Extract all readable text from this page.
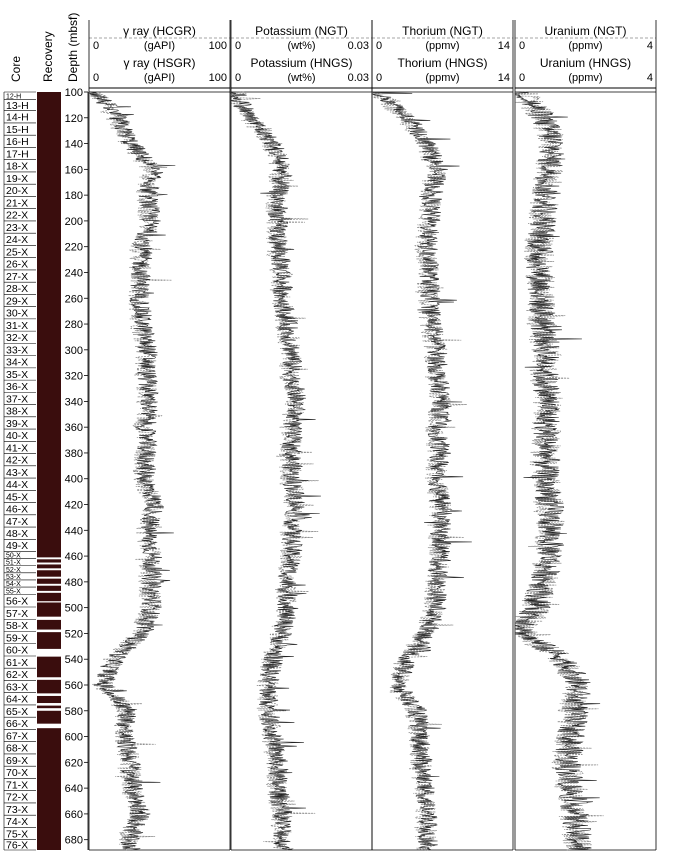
Core Recovery Depth (mbsf)
12-H
13-H
14-H
15-H
16-H
17-H
18-X
19-X
20-X
21-X
22-X
23-X
24-X
25-X
26-X
27-X
28-X
29-X
30-X
31-X
32-X
33-X
34-X
35-X
36-X
37-X
38-X
39-X
40-X
41-X
42-X
43-X
44-X
45-X
46-X
47-X
48-X
49-X
50-X
51-X
52-X
53-X
54-X
55-X
56-X
57-X
58-X
59-X
60-X
61-X
62-X
63-X
64-X
65-X
66-X
67-X
68-X
69-X
70-X
71-X
72-X
73-X
74-X
75-X
76-X
100
120
140
160
180
200
220
240
260
280
300
320
340
360
380
400
420
440
460
480
500
520
540
560
580
600
620
640
660
680
γ ray (HCGR)
(gAPI)
0	100
γ ray (HSGR)
(gAPI)
0	100
Potassium (NGT)
(wt%)
0	0.03
Potassium (HNGS)
(wt%)
0	0.03
Thorium (NGT)
(ppmv)
0	14
Thorium (HNGS)
(ppmv)
0	14
Uranium (NGT)
(ppmv)
0	4
Uranium (HNGS)
(ppmv)
0	4
